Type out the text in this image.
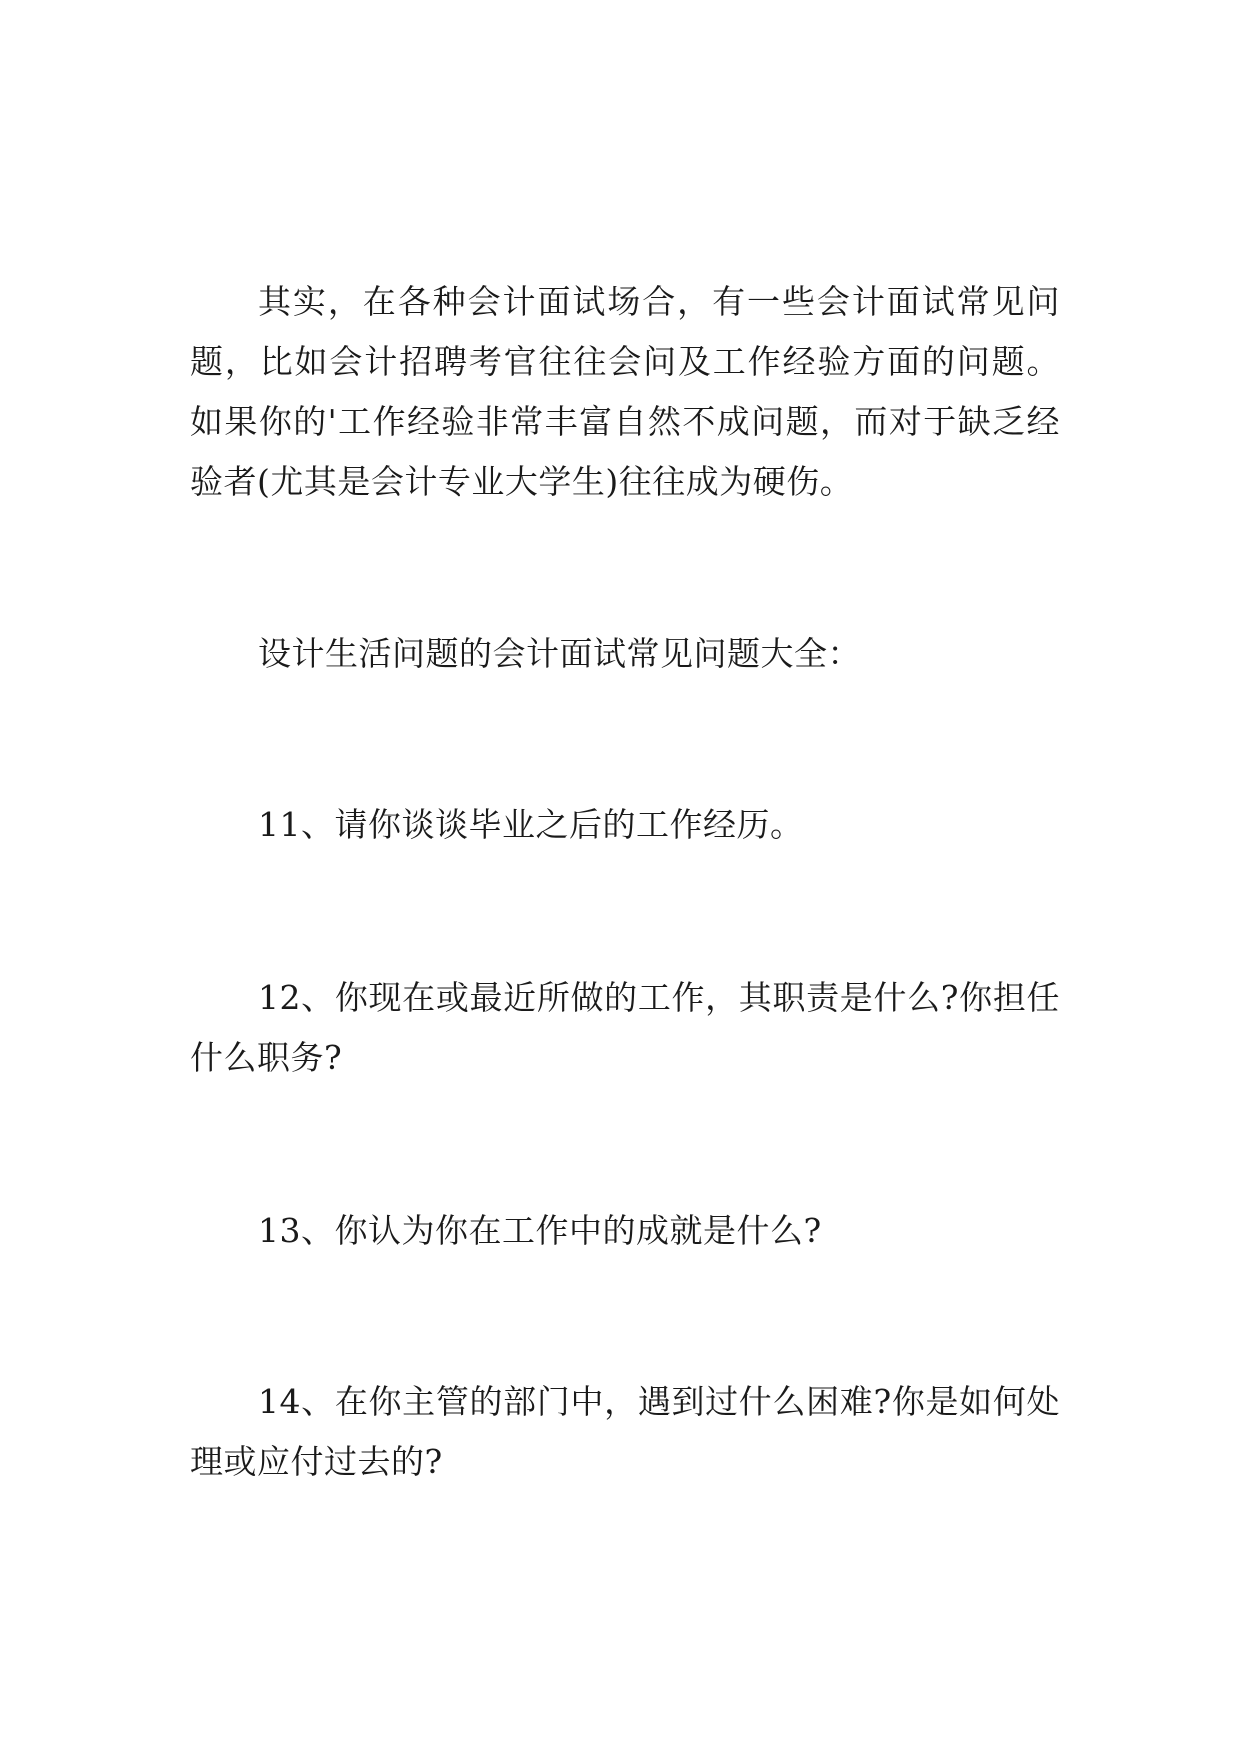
其实，在各种会计面试场合，有一些会计面试常见问题，比如会计招聘考官往往会问及工作经验方面的问题。如果你的'工作经验非常丰富自然不成问题，而对于缺乏经验者(尤其是会计专业大学生)往往成为硬伤。

设计生活问题的会计面试常见问题大全：

11、请你谈谈毕业之后的工作经历。

12、你现在或最近所做的工作，其职责是什么?你担任什么职务?

13、你认为你在工作中的成就是什么?

14、在你主管的部门中，遇到过什么困难?你是如何处理或应付过去的?
